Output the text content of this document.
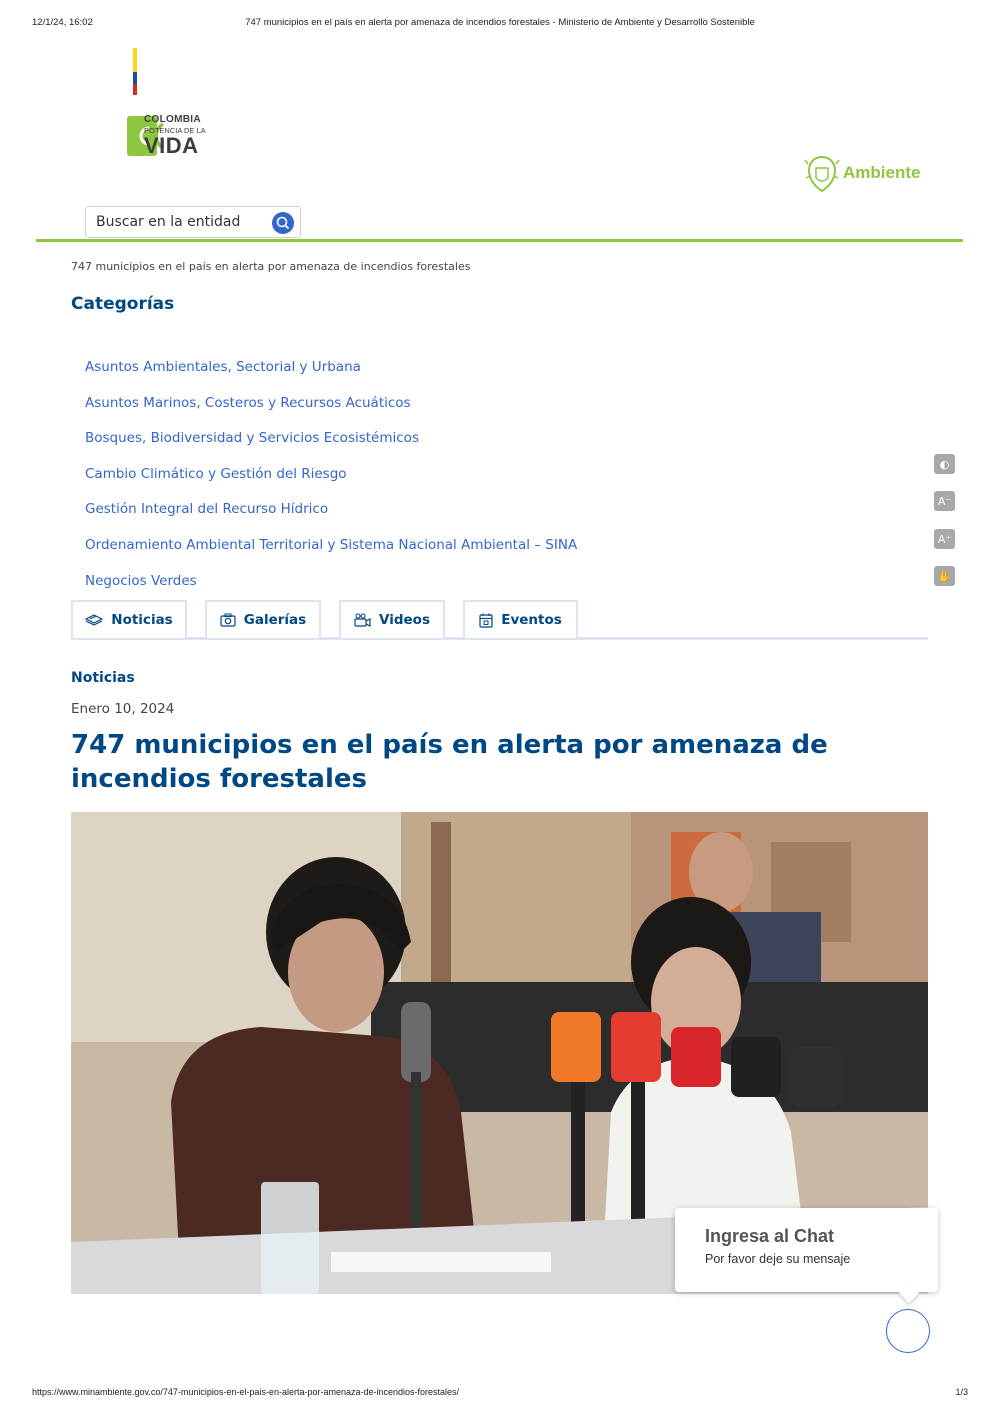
12/1/24, 16:02	747 municipios en el país en alerta por amenaza de incendios forestales - Ministerio de Ambiente y Desarrollo Sostenible
COLOMBIA
POTENCIA DE LA
VIDA
Ambiente
Buscar en la entidad
747 municipios en el país en alerta por amenaza de incendios forestales
Categorías
Asuntos Ambientales, Sectorial y Urbana
Asuntos Marinos, Costeros y Recursos Acuáticos
Bosques, Biodiversidad y Servicios Ecosistémicos
Cambio Climático y Gestión del Riesgo
Gestión Integral del Recurso Hídrico
Ordenamiento Ambiental Territorial y Sistema Nacional Ambiental – SINA
Negocios Verdes
Noticias	Galerías	Videos	Eventos
◐
A⁻
A⁺
✋
Noticias
Enero 10, 2024
747 municipios en el país en alerta por amenaza de incendios forestales
Ingresa al Chat
Por favor deje su mensaje
https://www.minambiente.gov.co/747-municipios-en-el-pais-en-alerta-por-amenaza-de-incendios-forestales/	1/3
